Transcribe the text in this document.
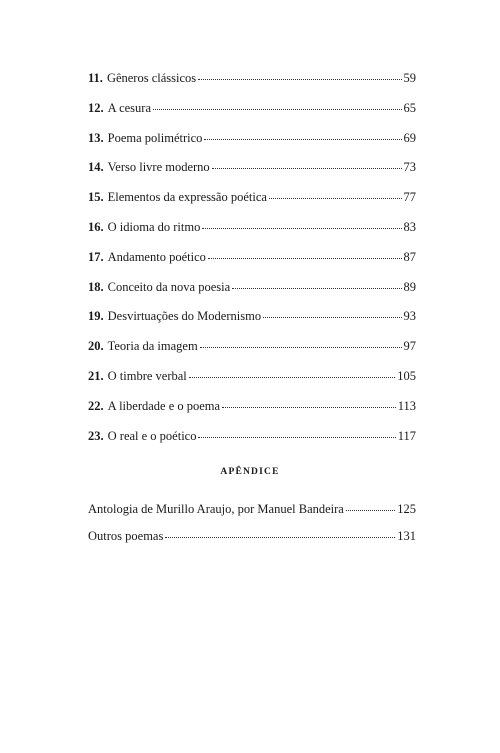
11. Gêneros clássicos	59
12. A cesura	65
13. Poema polimétrico	69
14. Verso livre moderno	73
15. Elementos da expressão poética	77
16. O idioma do ritmo	83
17. Andamento poético	87
18. Conceito da nova poesia	89
19. Desvirtuações do Modernismo	93
20. Teoria da imagem	97
21. O timbre verbal	105
22. A liberdade e o poema	113
23. O real e o poético	117
APÊNDICE
Antologia de Murillo Araujo, por Manuel Bandeira	125
Outros poemas	131
